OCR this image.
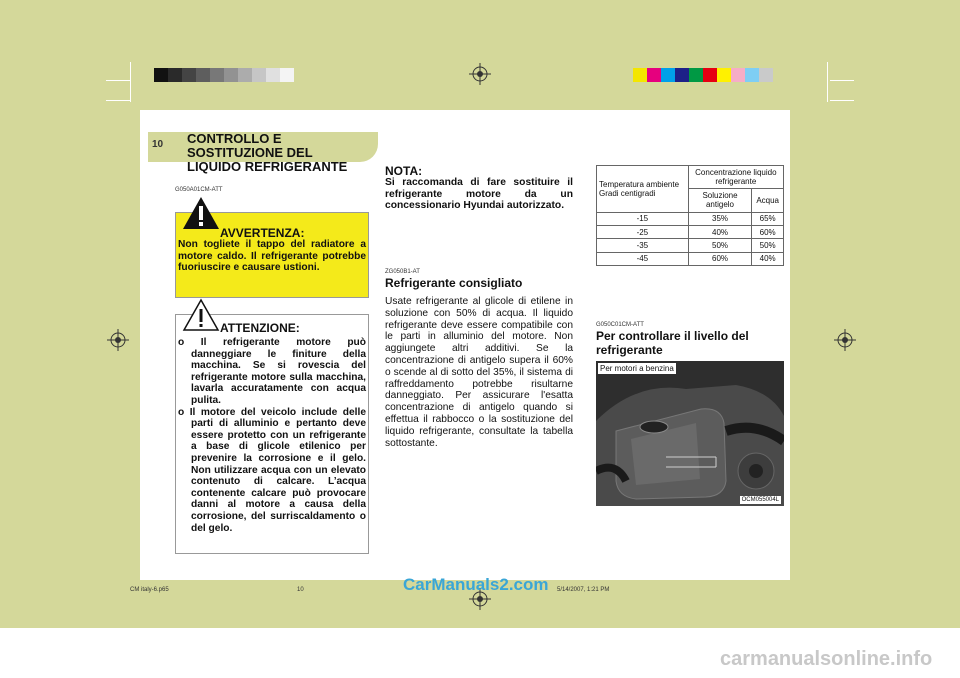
6 MANUTENZIONE "FAI-DA-TE"
10 CONTROLLO E
SOSTITUZIONE DEL
LIQUIDO REFRIGERANTE
G050A01CM-ATT
AVVERTENZA:
Non togliete il tappo del radiatore a motore caldo. Il refrigerante potrebbe fuoriuscire e causare ustioni.
ATTENZIONE:
o Il refrigerante motore può danneggiare le finiture della macchina. Se si rovescia del refrigerante motore sulla macchina, lavarla accuratamente con acqua pulita.
o Il motore del veicolo include delle parti di alluminio e pertanto deve essere protetto con un refrigerante a base di glicole etilenico per prevenire la corrosione e il gelo. Non utilizzare acqua con un elevato contenuto di calcare. L’acqua contenente calcare può provocare danni al motore a causa della corrosione, del surriscaldamento o del gelo.
NOTA:
Si raccomanda di fare sostituire il refrigerante motore da un concessionario Hyundai autorizzato.
ZG050B1-AT
Refrigerante consigliato
Usate refrigerante al glicole di etilene in soluzione con 50% di acqua. Il liquido refrigerante deve essere compatibile con le parti in alluminio del motore. Non aggiungete altri additivi. Se la concentrazione di antigelo supera il 60% o scende al di sotto del 35%, il sistema di raffreddamento potrebbe risultarne danneggiato. Per assicurare l'esatta concentrazione di antigelo quando si effettua il rabbocco o la sostituzione del liquido refrigerante, consultate la tabella sottostante.
Temperatura ambiente Gradi centigradi	Concentrazione liquido refrigerante	
	Soluzione antigelo	Acqua
-15	35%	65%
-25	40%	60%
-35	50%	50%
-45	60%	40%
G050C01CM-ATT
Per controllare il livello del refrigerante
Per motori a benzina
OCM055004L
CM italy-6.p65	10	5/14/2007, 1:21 PM
CarManuals2.com
carmanualsonline.info
